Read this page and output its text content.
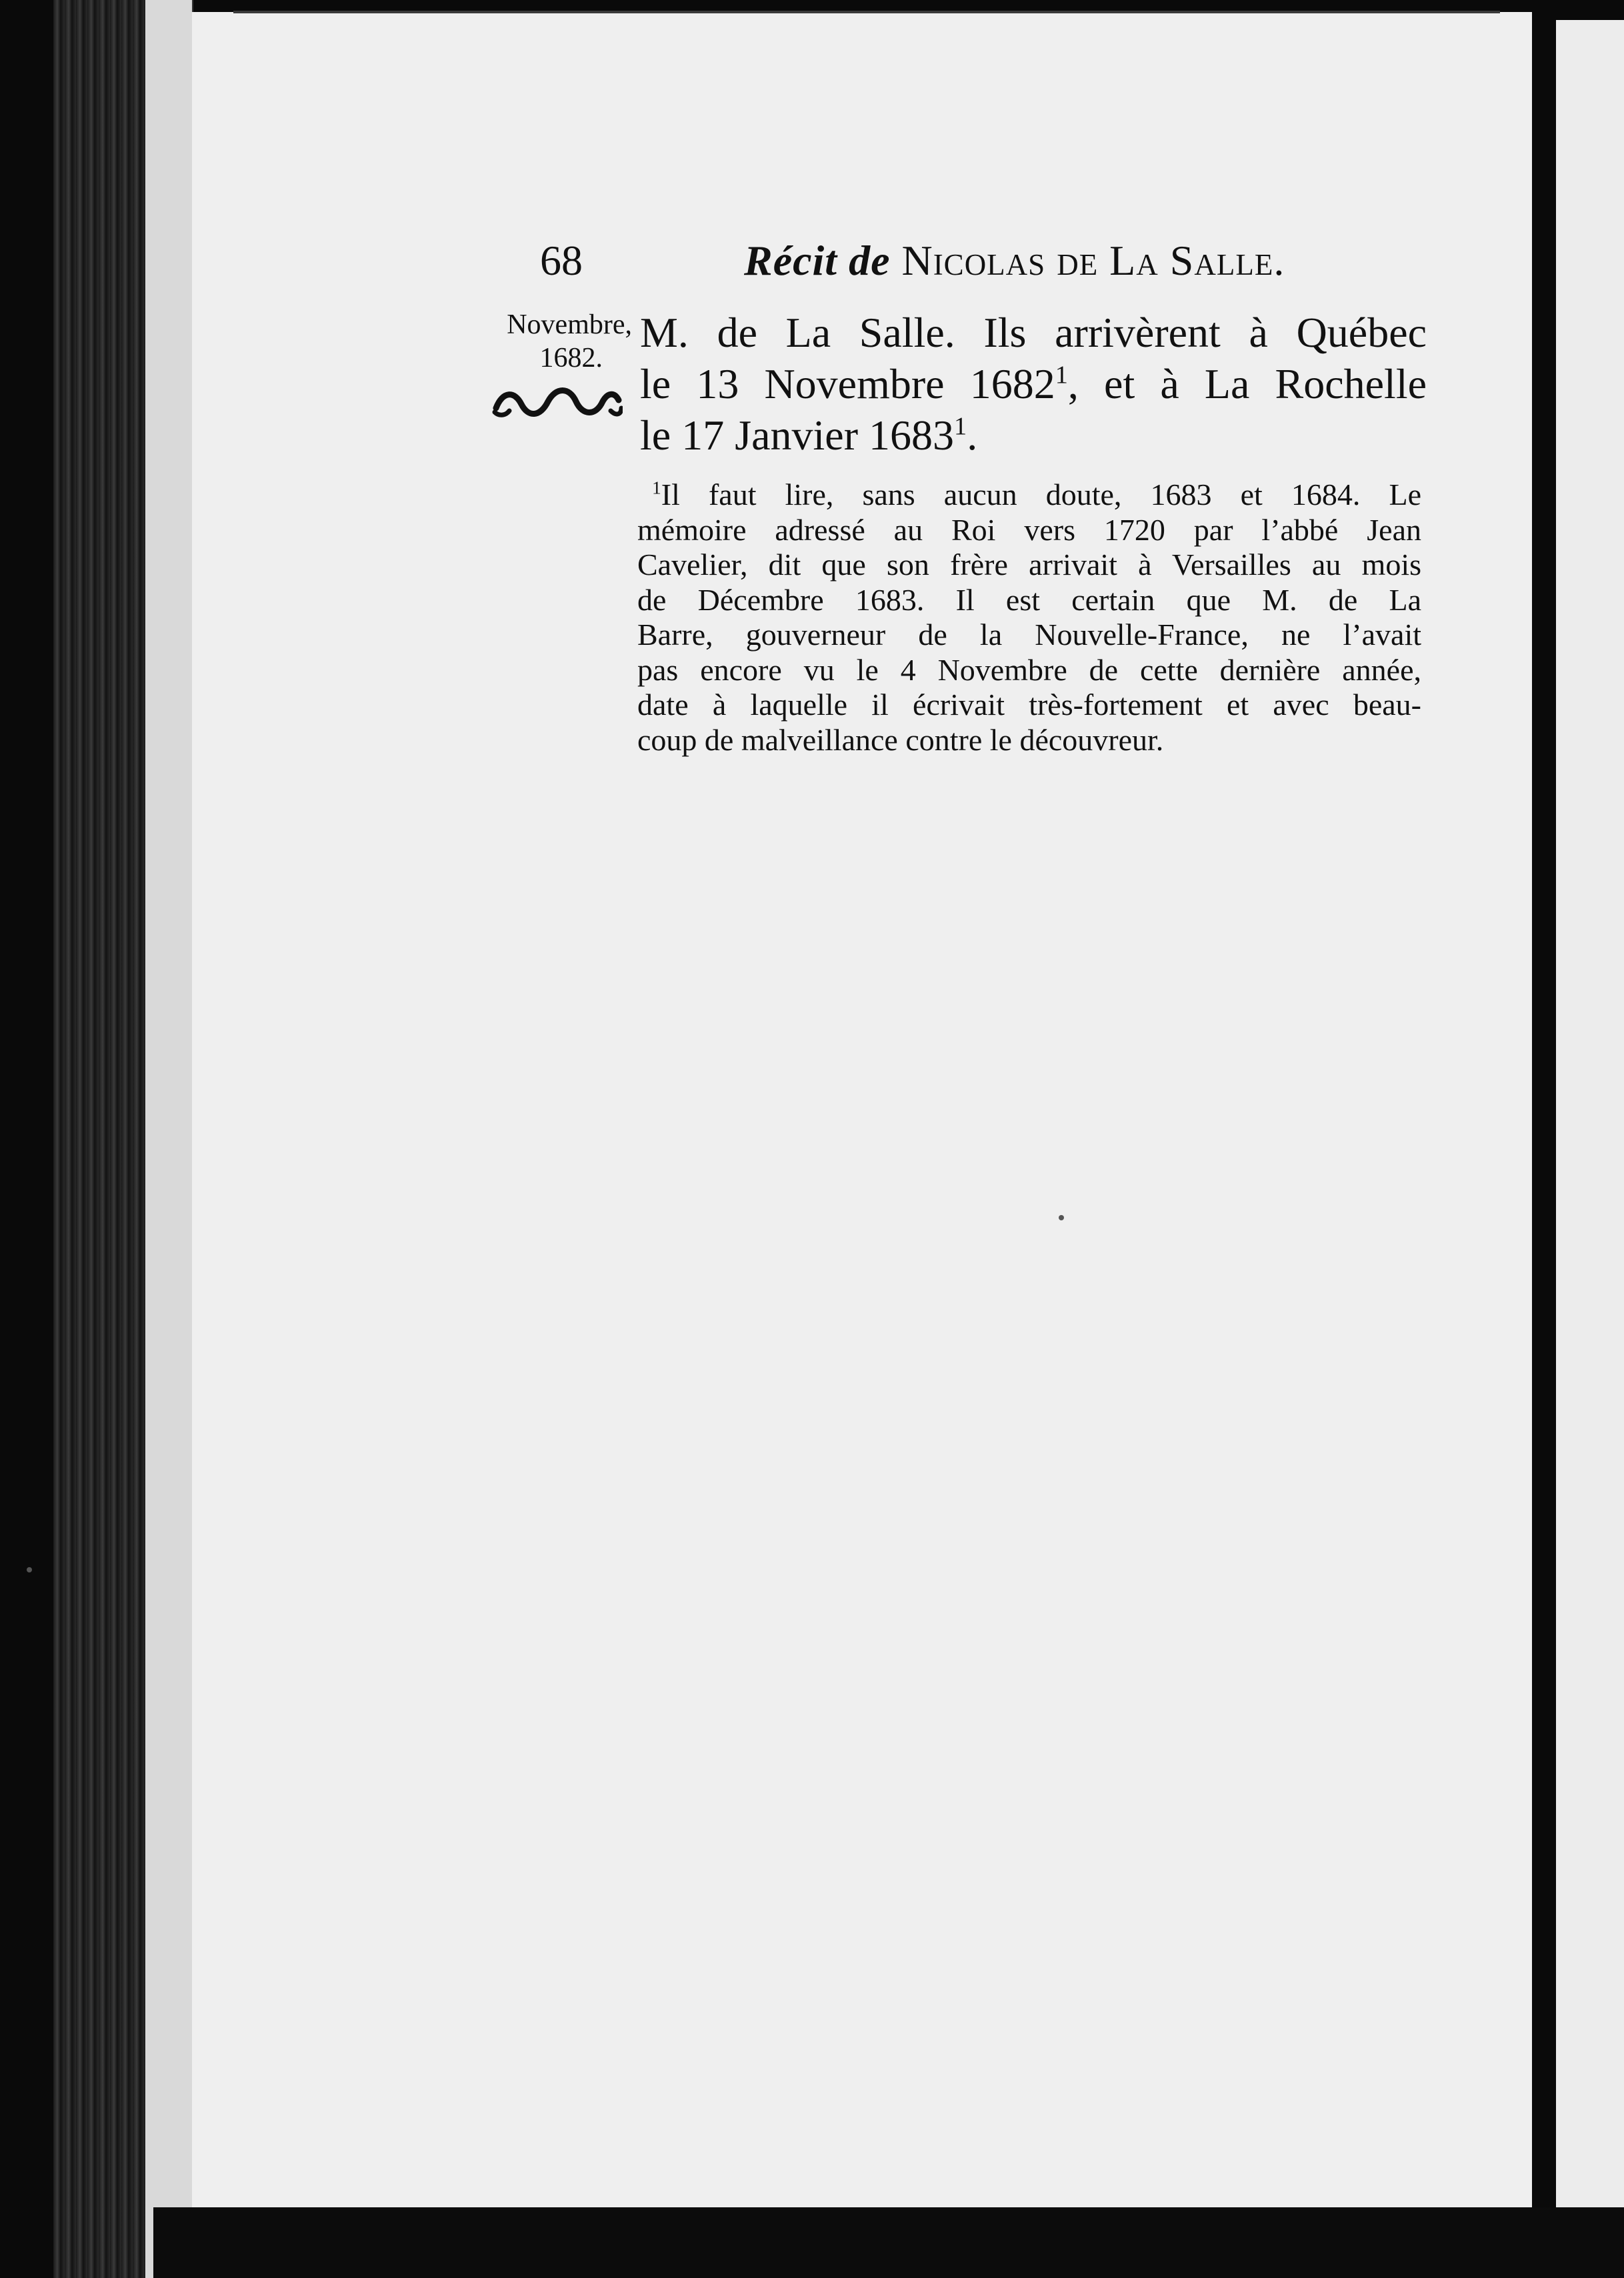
68	Récit de Nicolas de La Salle.
Novembre,
1682.
M. de La Salle. Ils arrivèrent à Québec
le 13 Novembre 1682$^1$, et à La Rochelle
le 17 Janvier 1683$^1$.
$^1$Il faut lire, sans aucun doute, 1683 et 1684. Le
mémoire adressé au Roi vers 1720 par l’abbé Jean
Cavelier, dit que son frère arrivait à Versailles au mois
de Décembre 1683. Il est certain que M. de La
Barre, gouverneur de la Nouvelle-France, ne l’avait
pas encore vu le 4 Novembre de cette dernière année,
date à laquelle il écrivait très-fortement et avec beau-
coup de malveillance contre le découvreur.
